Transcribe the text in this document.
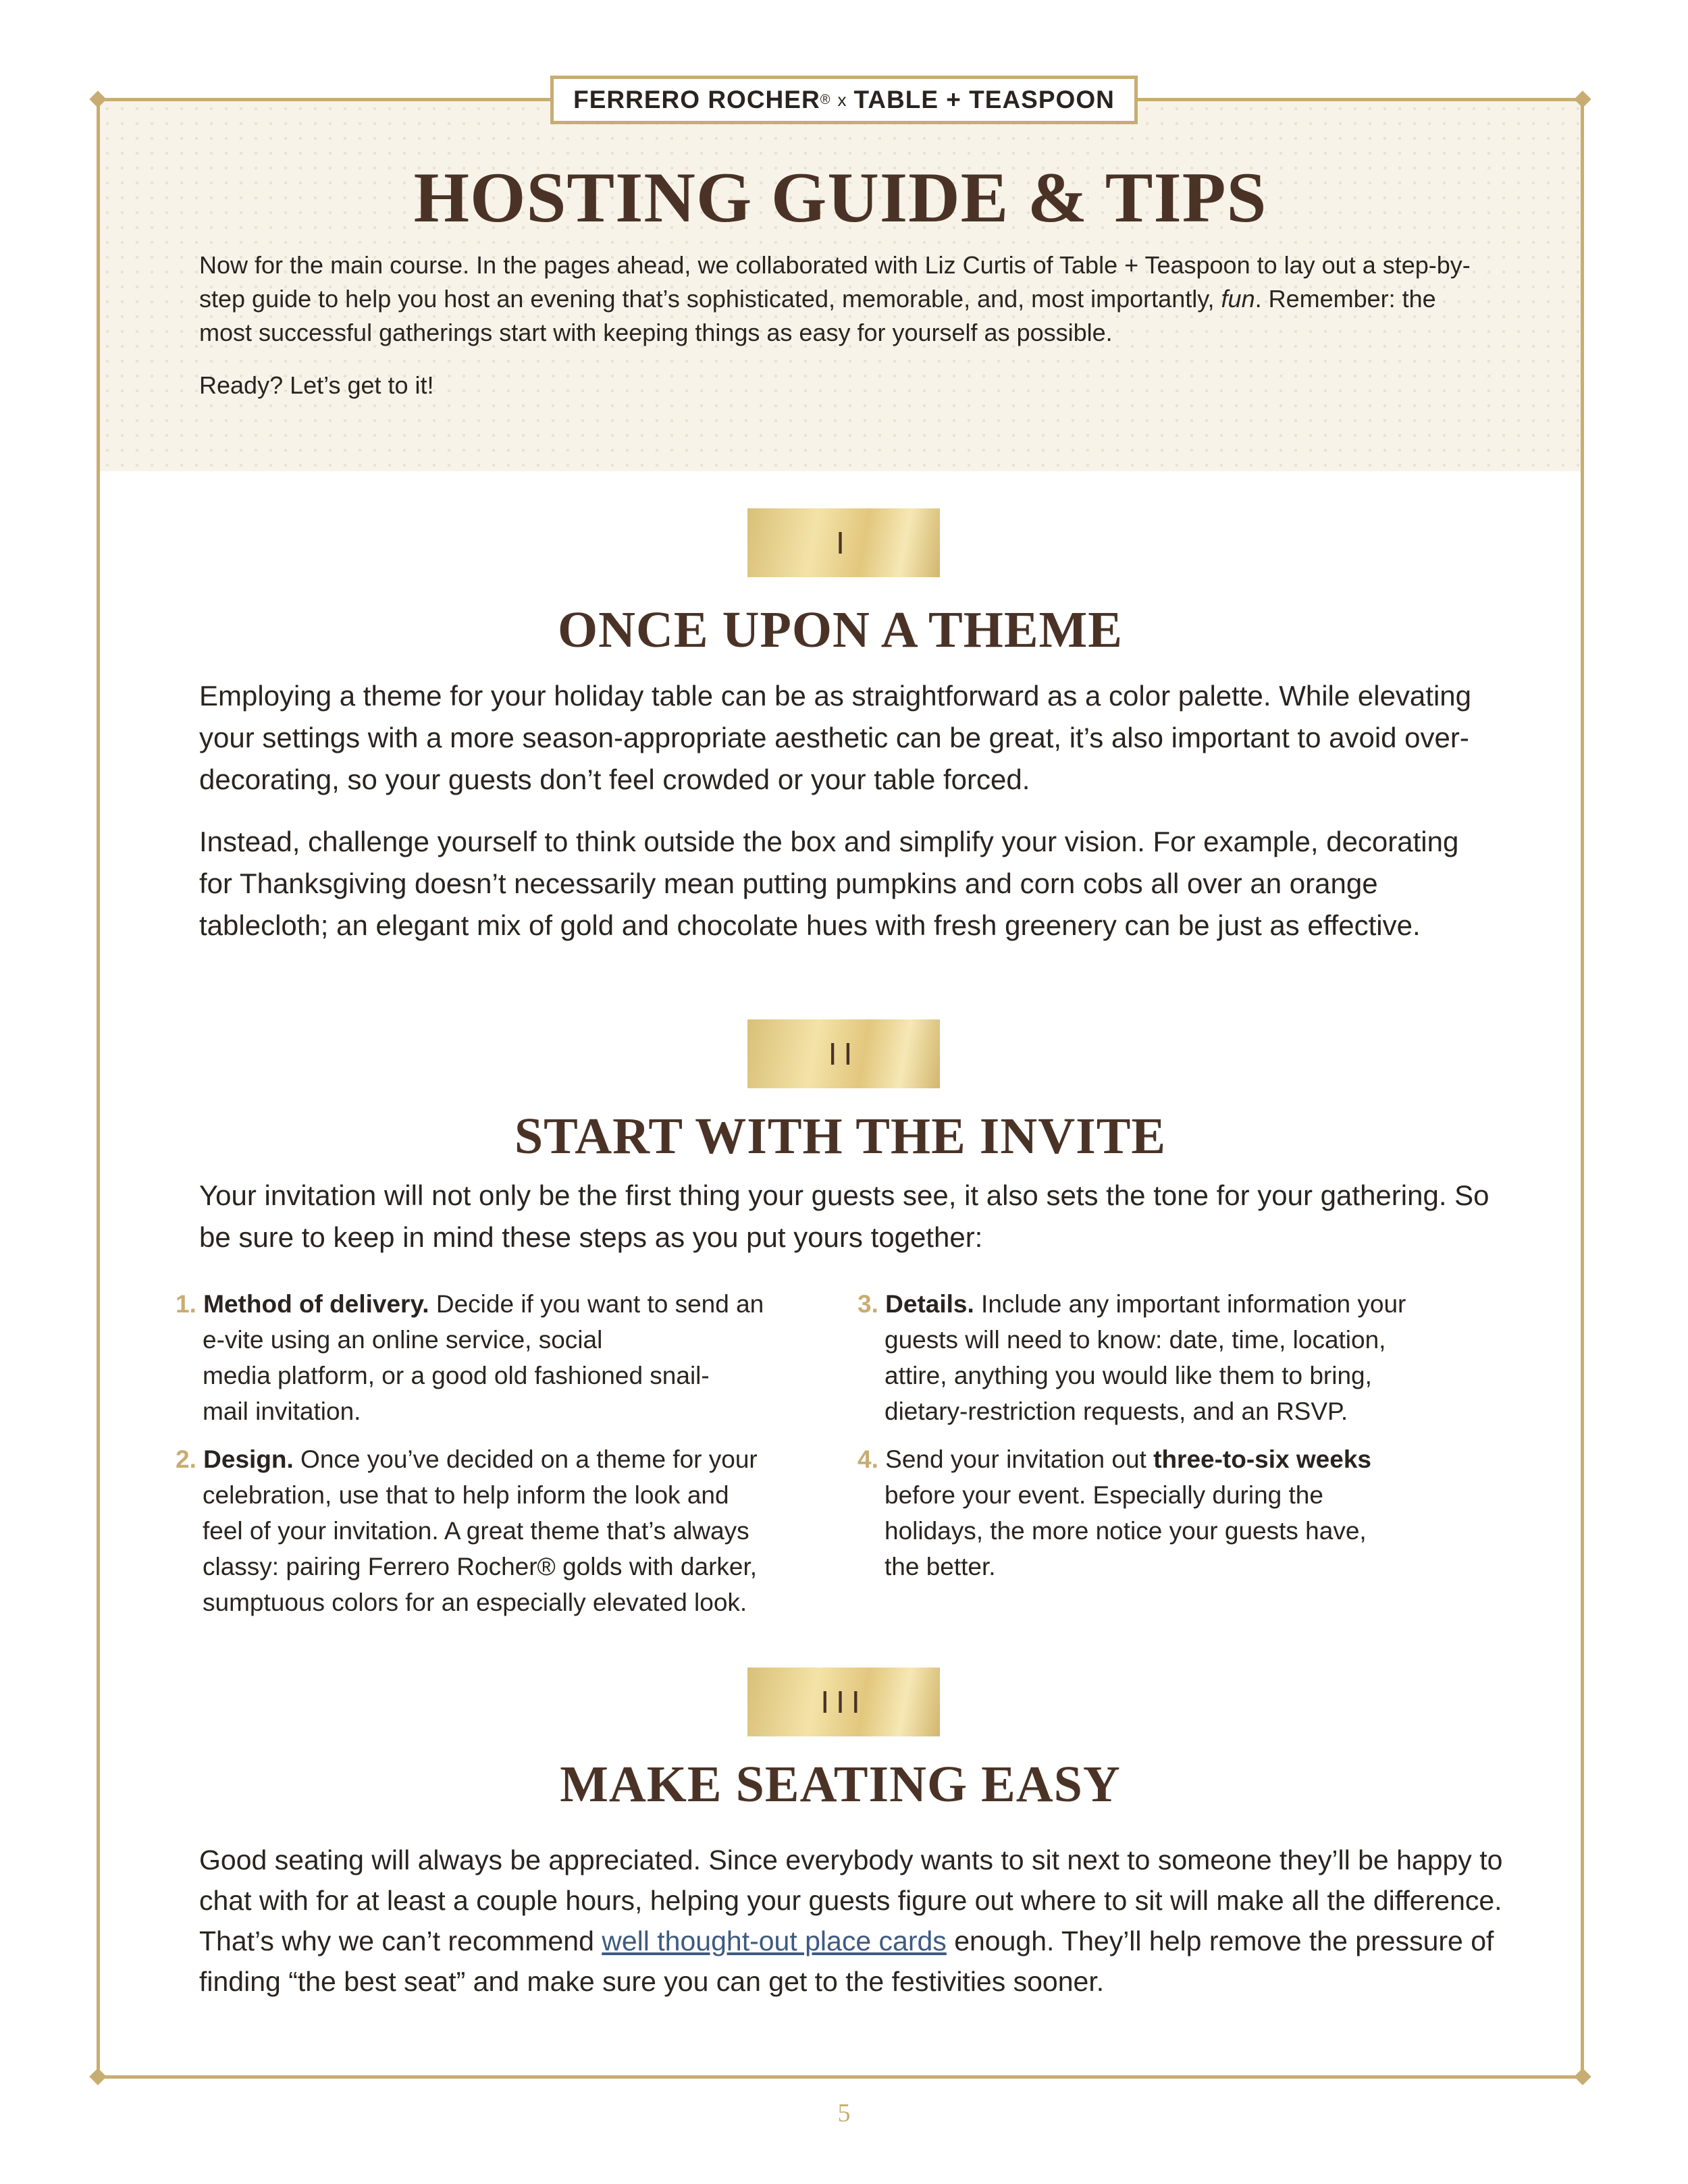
FERRERO ROCHER ® x TABLE + TEASPOON
HOSTING GUIDE & TIPS

Now for the main course. In the pages ahead, we collaborated with Liz Curtis of Table + Teaspoon to lay out a step-by-step guide to help you host an evening that’s sophisticated, memorable, and, most importantly, fun. Remember: the most successful gatherings start with keeping things as easy for yourself as possible.

Ready? Let’s get to it!

I
ONCE UPON A THEME

Employing a theme for your holiday table can be as straightforward as a color palette. While elevating your settings with a more season-appropriate aesthetic can be great, it’s also important to avoid over-decorating, so your guests don’t feel crowded or your table forced.

Instead, challenge yourself to think outside the box and simplify your vision. For example, decorating for Thanksgiving doesn’t necessarily mean putting pumpkins and corn cobs all over an orange tablecloth; an elegant mix of gold and chocolate hues with fresh greenery can be just as effective.

II
START WITH THE INVITE

Your invitation will not only be the first thing your guests see, it also sets the tone for your gathering. So be sure to keep in mind these steps as you put yours together:

1. Method of delivery. Decide if you want to send an
e-vite using an online service, social
media platform, or a good old fashioned snail-
mail invitation.
2. Design. Once you’ve decided on a theme for your
celebration, use that to help inform the look and
feel of your invitation. A great theme that’s always
classy: pairing Ferrero Rocher® golds with darker,
sumptuous colors for an especially elevated look.
3. Details. Include any important information your
guests will need to know: date, time, location,
attire, anything you would like them to bring,
dietary-restriction requests, and an RSVP.
4. Send your invitation out three-to-six weeks
before your event. Especially during the
holidays, the more notice your guests have,
the better.
III
MAKE SEATING EASY

Good seating will always be appreciated. Since everybody wants to sit next to someone they’ll be happy to chat with for at least a couple hours, helping your guests figure out where to sit will make all the difference. That’s why we can’t recommend well thought-out place cards enough. They’ll help remove the pressure of finding “the best seat” and make sure you can get to the festivities sooner.

5
